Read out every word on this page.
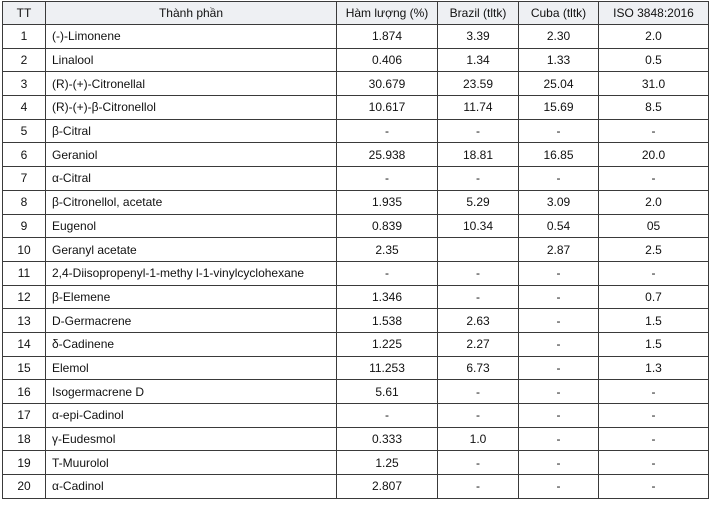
TT	Thành phần	Hàm lượng (%)	Brazil (tltk)	Cuba (tltk)	ISO 3848:2016
1	(-)-Limonene	1.874	3.39	2.30	2.0
2	Linalool	0.406	1.34	1.33	0.5
3	(R)-(+)-Citronellal	30.679	23.59	25.04	31.0
4	(R)-(+)-β-Citronellol	10.617	11.74	15.69	8.5
5	β-Citral	-	-	-	-
6	Geraniol	25.938	18.81	16.85	20.0
7	α-Citral	-	-	-	-
8	β-Citronellol, acetate	1.935	5.29	3.09	2.0
9	Eugenol	0.839	10.34	0.54	05
10	Geranyl acetate	2.35		2.87	2.5
11	2,4-Diisopropenyl-1-methy l-1-vinylcyclohexane	-	-	-	-
12	β-Elemene	1.346	-	-	0.7
13	D-Germacrene	1.538	2.63	-	1.5
14	δ-Cadinene	1.225	2.27	-	1.5
15	Elemol	11.253	6.73	-	1.3
16	Isogermacrene D	5.61	-	-	-
17	α-epi-Cadinol	-	-	-	-
18	γ-Eudesmol	0.333	1.0	-	-
19	T-Muurolol	1.25	-	-	-
20	α-Cadinol	2.807	-	-	-
